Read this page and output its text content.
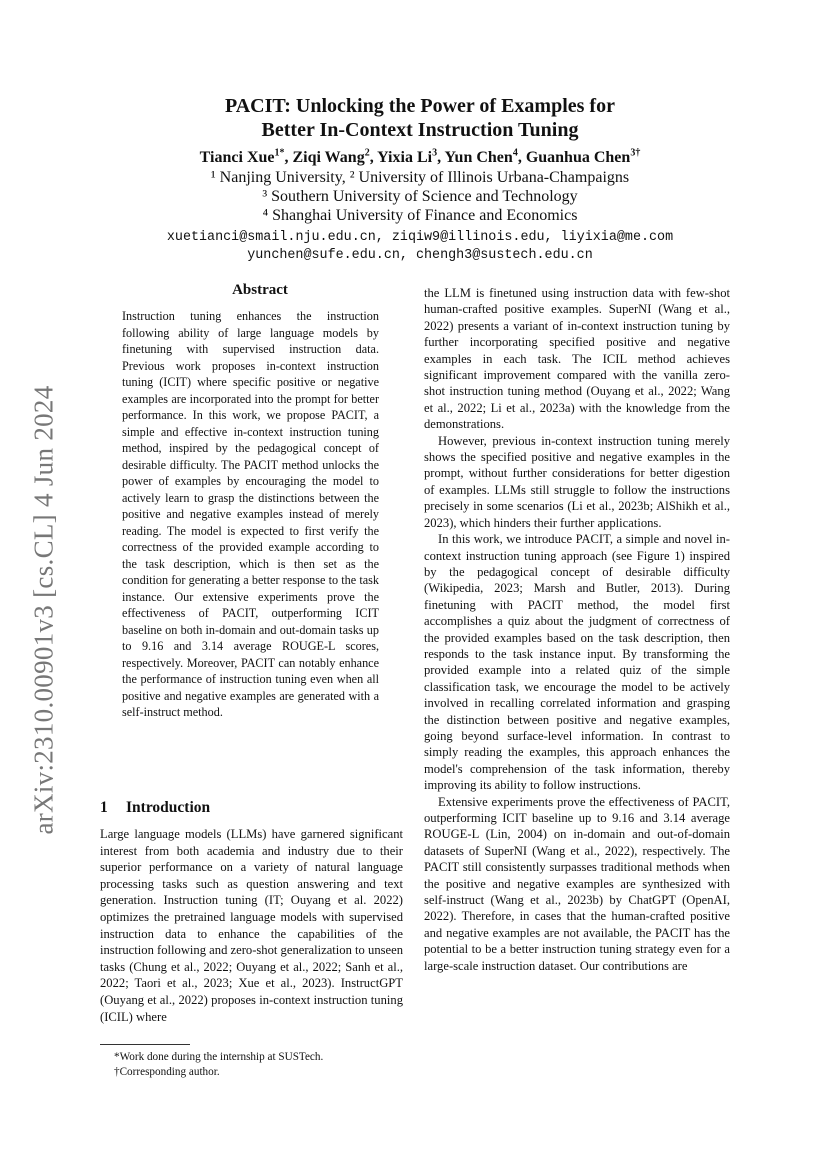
arXiv:2310.00901v3 [cs.CL] 4 Jun 2024
PACIT: Unlocking the Power of Examples for
Better In-Context Instruction Tuning
Tianci Xue$^{1*}$, Ziqi Wang$^2$, Yixia Li$^3$, Yun Chen$^4$, Guanhua Chen$^{3\dagger}$
¹ Nanjing University, ² University of Illinois Urbana-Champaigns
³ Southern University of Science and Technology
⁴ Shanghai University of Finance and Economics
xuetianci@smail.nju.edu.cn, ziqiw9@illinois.edu, liyixia@me.com
yunchen@sufe.edu.cn, chengh3@sustech.edu.cn
Abstract
Instruction tuning enhances the instruction following ability of large language models by finetuning with supervised instruction data. Previous work proposes in-context instruction tuning (ICIT) where specific positive or negative examples are incorporated into the prompt for better performance. In this work, we propose PACIT, a simple and effective in-context instruction tuning method, inspired by the pedagogical concept of desirable difficulty. The PACIT method unlocks the power of examples by encouraging the model to actively learn to grasp the distinctions between the positive and negative examples instead of merely reading. The model is expected to first verify the correctness of the provided example according to the task description, which is then set as the condition for generating a better response to the task instance. Our extensive experiments prove the effectiveness of PACIT, outperforming ICIT baseline on both in-domain and out-domain tasks up to 9.16 and 3.14 average ROUGE-L scores, respectively. Moreover, PACIT can notably enhance the performance of instruction tuning even when all positive and negative examples are generated with a self-instruct method.
1 Introduction
Large language models (LLMs) have garnered significant interest from both academia and industry due to their superior performance on a variety of natural language processing tasks such as question answering and text generation. Instruction tuning (IT; Ouyang et al. 2022) optimizes the pretrained language models with supervised instruction data to enhance the capabilities of the instruction following and zero-shot generalization to unseen tasks (Chung et al., 2022; Ouyang et al., 2022; Sanh et al., 2022; Taori et al., 2023; Xue et al., 2023). InstructGPT (Ouyang et al., 2022) proposes in-context instruction tuning (ICIL) where

the LLM is finetuned using instruction data with few-shot human-crafted positive examples. SuperNI (Wang et al., 2022) presents a variant of in-context instruction tuning by further incorporating specified positive and negative examples in each task. The ICIL method achieves significant improvement compared with the vanilla zero-shot instruction tuning method (Ouyang et al., 2022; Wang et al., 2022; Li et al., 2023a) with the knowledge from the demonstrations.

However, previous in-context instruction tuning merely shows the specified positive and negative examples in the prompt, without further considerations for better digestion of examples. LLMs still struggle to follow the instructions precisely in some scenarios (Li et al., 2023b; AlShikh et al., 2023), which hinders their further applications.

In this work, we introduce PACIT, a simple and novel in-context instruction tuning approach (see Figure 1) inspired by the pedagogical concept of desirable difficulty (Wikipedia, 2023; Marsh and Butler, 2013). During finetuning with PACIT method, the model first accomplishes a quiz about the judgment of correctness of the provided examples based on the task description, then responds to the task instance input. By transforming the provided example into a related quiz of the simple classification task, we encourage the model to be actively involved in recalling correlated information and grasping the distinction between positive and negative examples, going beyond surface-level information. In contrast to simply reading the examples, this approach enhances the model's comprehension of the task information, thereby improving its ability to follow instructions.

Extensive experiments prove the effectiveness of PACIT, outperforming ICIT baseline up to 9.16 and 3.14 average ROUGE-L (Lin, 2004) on in-domain and out-of-domain datasets of SuperNI (Wang et al., 2022), respectively. The PACIT still consistently surpasses traditional methods when the positive and negative examples are synthesized with self-instruct (Wang et al., 2023b) by ChatGPT (OpenAI, 2022). Therefore, in cases that the human-crafted positive and negative examples are not available, the PACIT has the potential to be a better instruction tuning strategy even for a large-scale instruction dataset. Our contributions are

*Work done during the internship at SUSTech.
†Corresponding author.
